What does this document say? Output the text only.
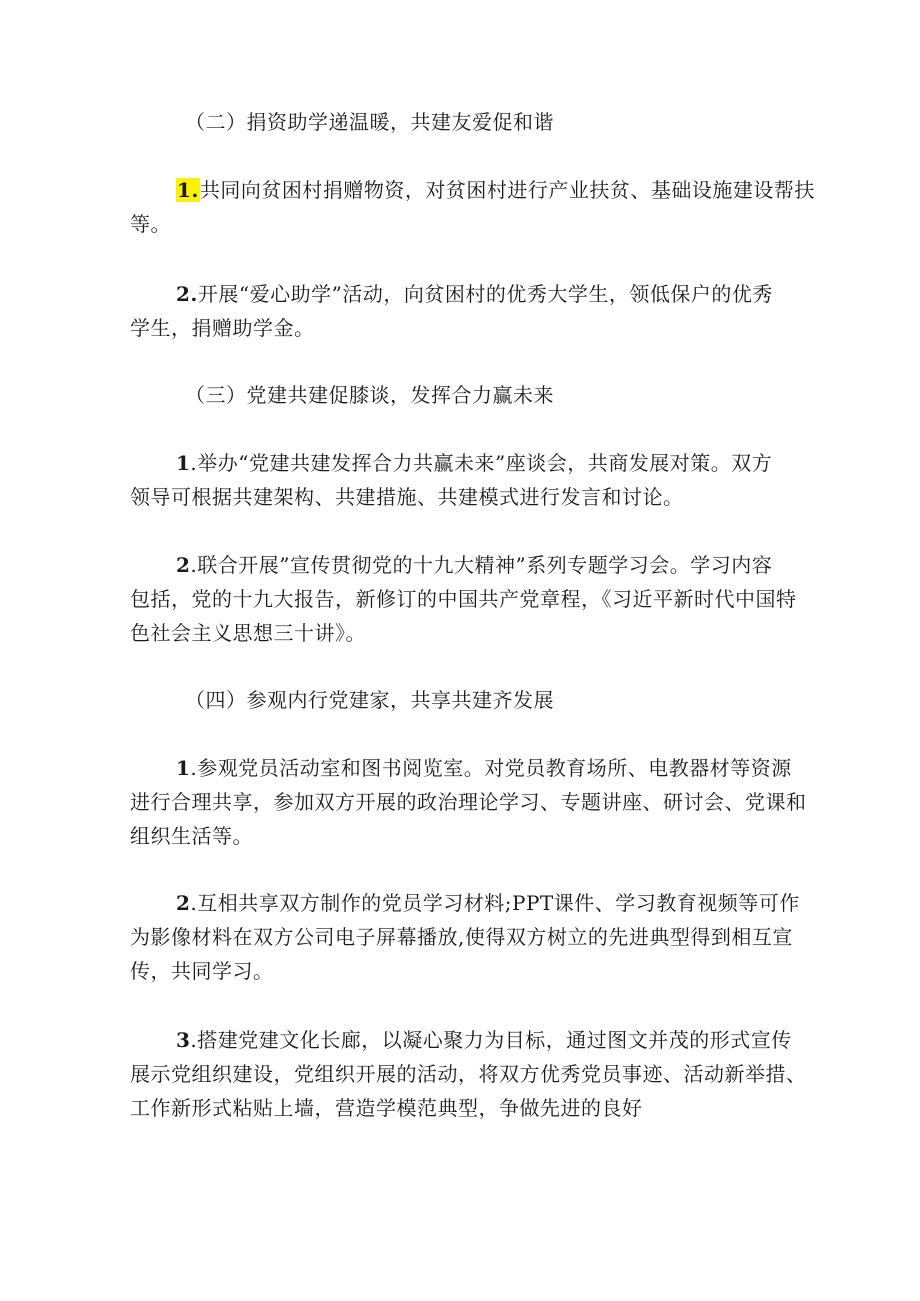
（二）捐资助学递温暖，共建友爱促和谐
1.共同向贫困村捐赠物资，对贫困村进行产业扶贫、基础设施建设帮扶
等。
2.开展“爱心助学”活动，向贫困村的优秀大学生，领低保户的优秀
学生，捐赠助学金。
（三）党建共建促膝谈，发挥合力赢未来
1.举办“党建共建发挥合力共赢未来”座谈会，共商发展对策。双方
领导可根据共建架构、共建措施、共建模式进行发言和讨论。
2.联合开展”宣传贯彻党的十九大精神”系列专题学习会。学习内容
包括，党的十九大报告，新修订的中国共产党章程，《习近平新时代中国特
色社会主义思想三十讲》。
（四）参观内行党建家，共享共建齐发展
1.参观党员活动室和图书阅览室。对党员教育场所、电教器材等资源
进行合理共享，参加双方开展的政治理论学习、专题讲座、研讨会、党课和
组织生活等。
2.互相共享双方制作的党员学习材料;PPT课件、学习教育视频等可作
为影像材料在双方公司电子屏幕播放,使得双方树立的先进典型得到相互宣
传，共同学习。
3.搭建党建文化长廊，以凝心聚力为目标，通过图文并茂的形式宣传
展示党组织建设，党组织开展的活动，将双方优秀党员事迹、活动新举措、
工作新形式粘贴上墙，营造学模范典型，争做先进的良好
